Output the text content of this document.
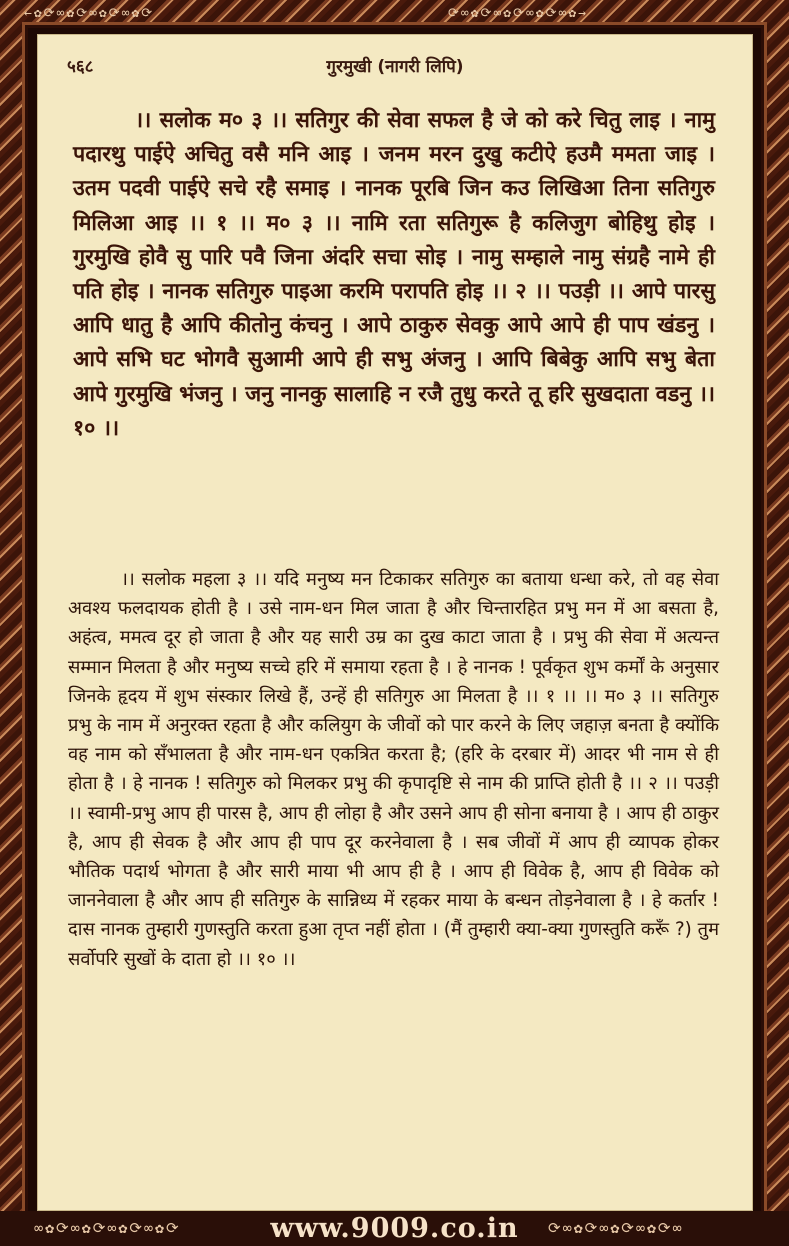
←✿⟳∞✿⟳∞✿⟳∞✿⟳	⟳∞✿⟳∞✿⟳∞✿⟳∞✿→
५६८	गुरमुखी (नागरी लिपि)
।। सलोक म० ३ ।। सतिगुर की सेवा सफल है जे को करे चितु लाइ । नामु पदारथु पाईऐ अचितु वसै मनि आइ । जनम मरन दुखु कटीऐ हउमै ममता जाइ । उतम पदवी पाईऐ सचे रहै समाइ । नानक पूरबि जिन कउ लिखिआ तिना सतिगुरु मिलिआ आइ ।। १ ।। म० ३ ।। नामि रता सतिगुरू है कलिजुग बोहिथु होइ । गुरमुखि होवै सु पारि पवै जिना अंदरि सचा सोइ । नामु सम्हाले नामु संग्रहै नामे ही पति होइ । नानक सतिगुरु पाइआ करमि परापति होइ ।। २ ।। पउड़ी ।। आपे पारसु आपि धातु है आपि कीतोनु कंचनु । आपे ठाकुरु सेवकु आपे आपे ही पाप खंडनु । आपे सभि घट भोगवै सुआमी आपे ही सभु अंजनु । आपि बिबेकु आपि सभु बेता आपे गुरमुखि भंजनु । जनु नानकु सालाहि न रजै तुधु करते तू हरि सुखदाता वडनु ।। १० ।।
।। सलोक महला ३ ।। यदि मनुष्य मन टिकाकर सतिगुरु का बताया धन्धा करे, तो वह सेवा अवश्य फलदायक होती है । उसे नाम-धन मिल जाता है और चिन्तारहित प्रभु मन में आ बसता है, अहंत्व, ममत्व दूर हो जाता है और यह सारी उम्र का दुख काटा जाता है । प्रभु की सेवा में अत्यन्त सम्मान मिलता है और मनुष्य सच्चे हरि में समाया रहता है । हे नानक ! पूर्वकृत शुभ कर्मों के अनुसार जिनके हृदय में शुभ संस्कार लिखे हैं, उन्हें ही सतिगुरु आ मिलता है ।। १ ।। ।। म० ३ ।। सतिगुरु प्रभु के नाम में अनुरक्त रहता है और कलियुग के जीवों को पार करने के लिए जहाज़ बनता है क्योंकि वह नाम को सँभालता है और नाम-धन एकत्रित करता है; (हरि के दरबार में) आदर भी नाम से ही होता है । हे नानक ! सतिगुरु को मिलकर प्रभु की कृपादृष्टि से नाम की प्राप्ति होती है ।। २ ।। पउड़ी ।। स्वामी-प्रभु आप ही पारस है, आप ही लोहा है और उसने आप ही सोना बनाया है । आप ही ठाकुर है, आप ही सेवक है और आप ही पाप दूर करनेवाला है । सब जीवों में आप ही व्यापक होकर भौतिक पदार्थ भोगता है और सारी माया भी आप ही है । आप ही विवेक है, आप ही विवेक को जाननेवाला है और आप ही सतिगुरु के सान्निध्य में रहकर माया के बन्धन तोड़नेवाला है । हे कर्तार ! दास नानक तुम्हारी गुणस्तुति करता हुआ तृप्त नहीं होता । (मैं तुम्हारी क्या-क्या गुणस्तुति करूँ ?) तुम सर्वोपरि सुखों के दाता हो ।। १० ।।
∞✿⟳∞✿⟳∞✿⟳∞✿⟳	⟳∞✿⟳∞✿⟳∞✿⟳∞
www.9009.co.in
